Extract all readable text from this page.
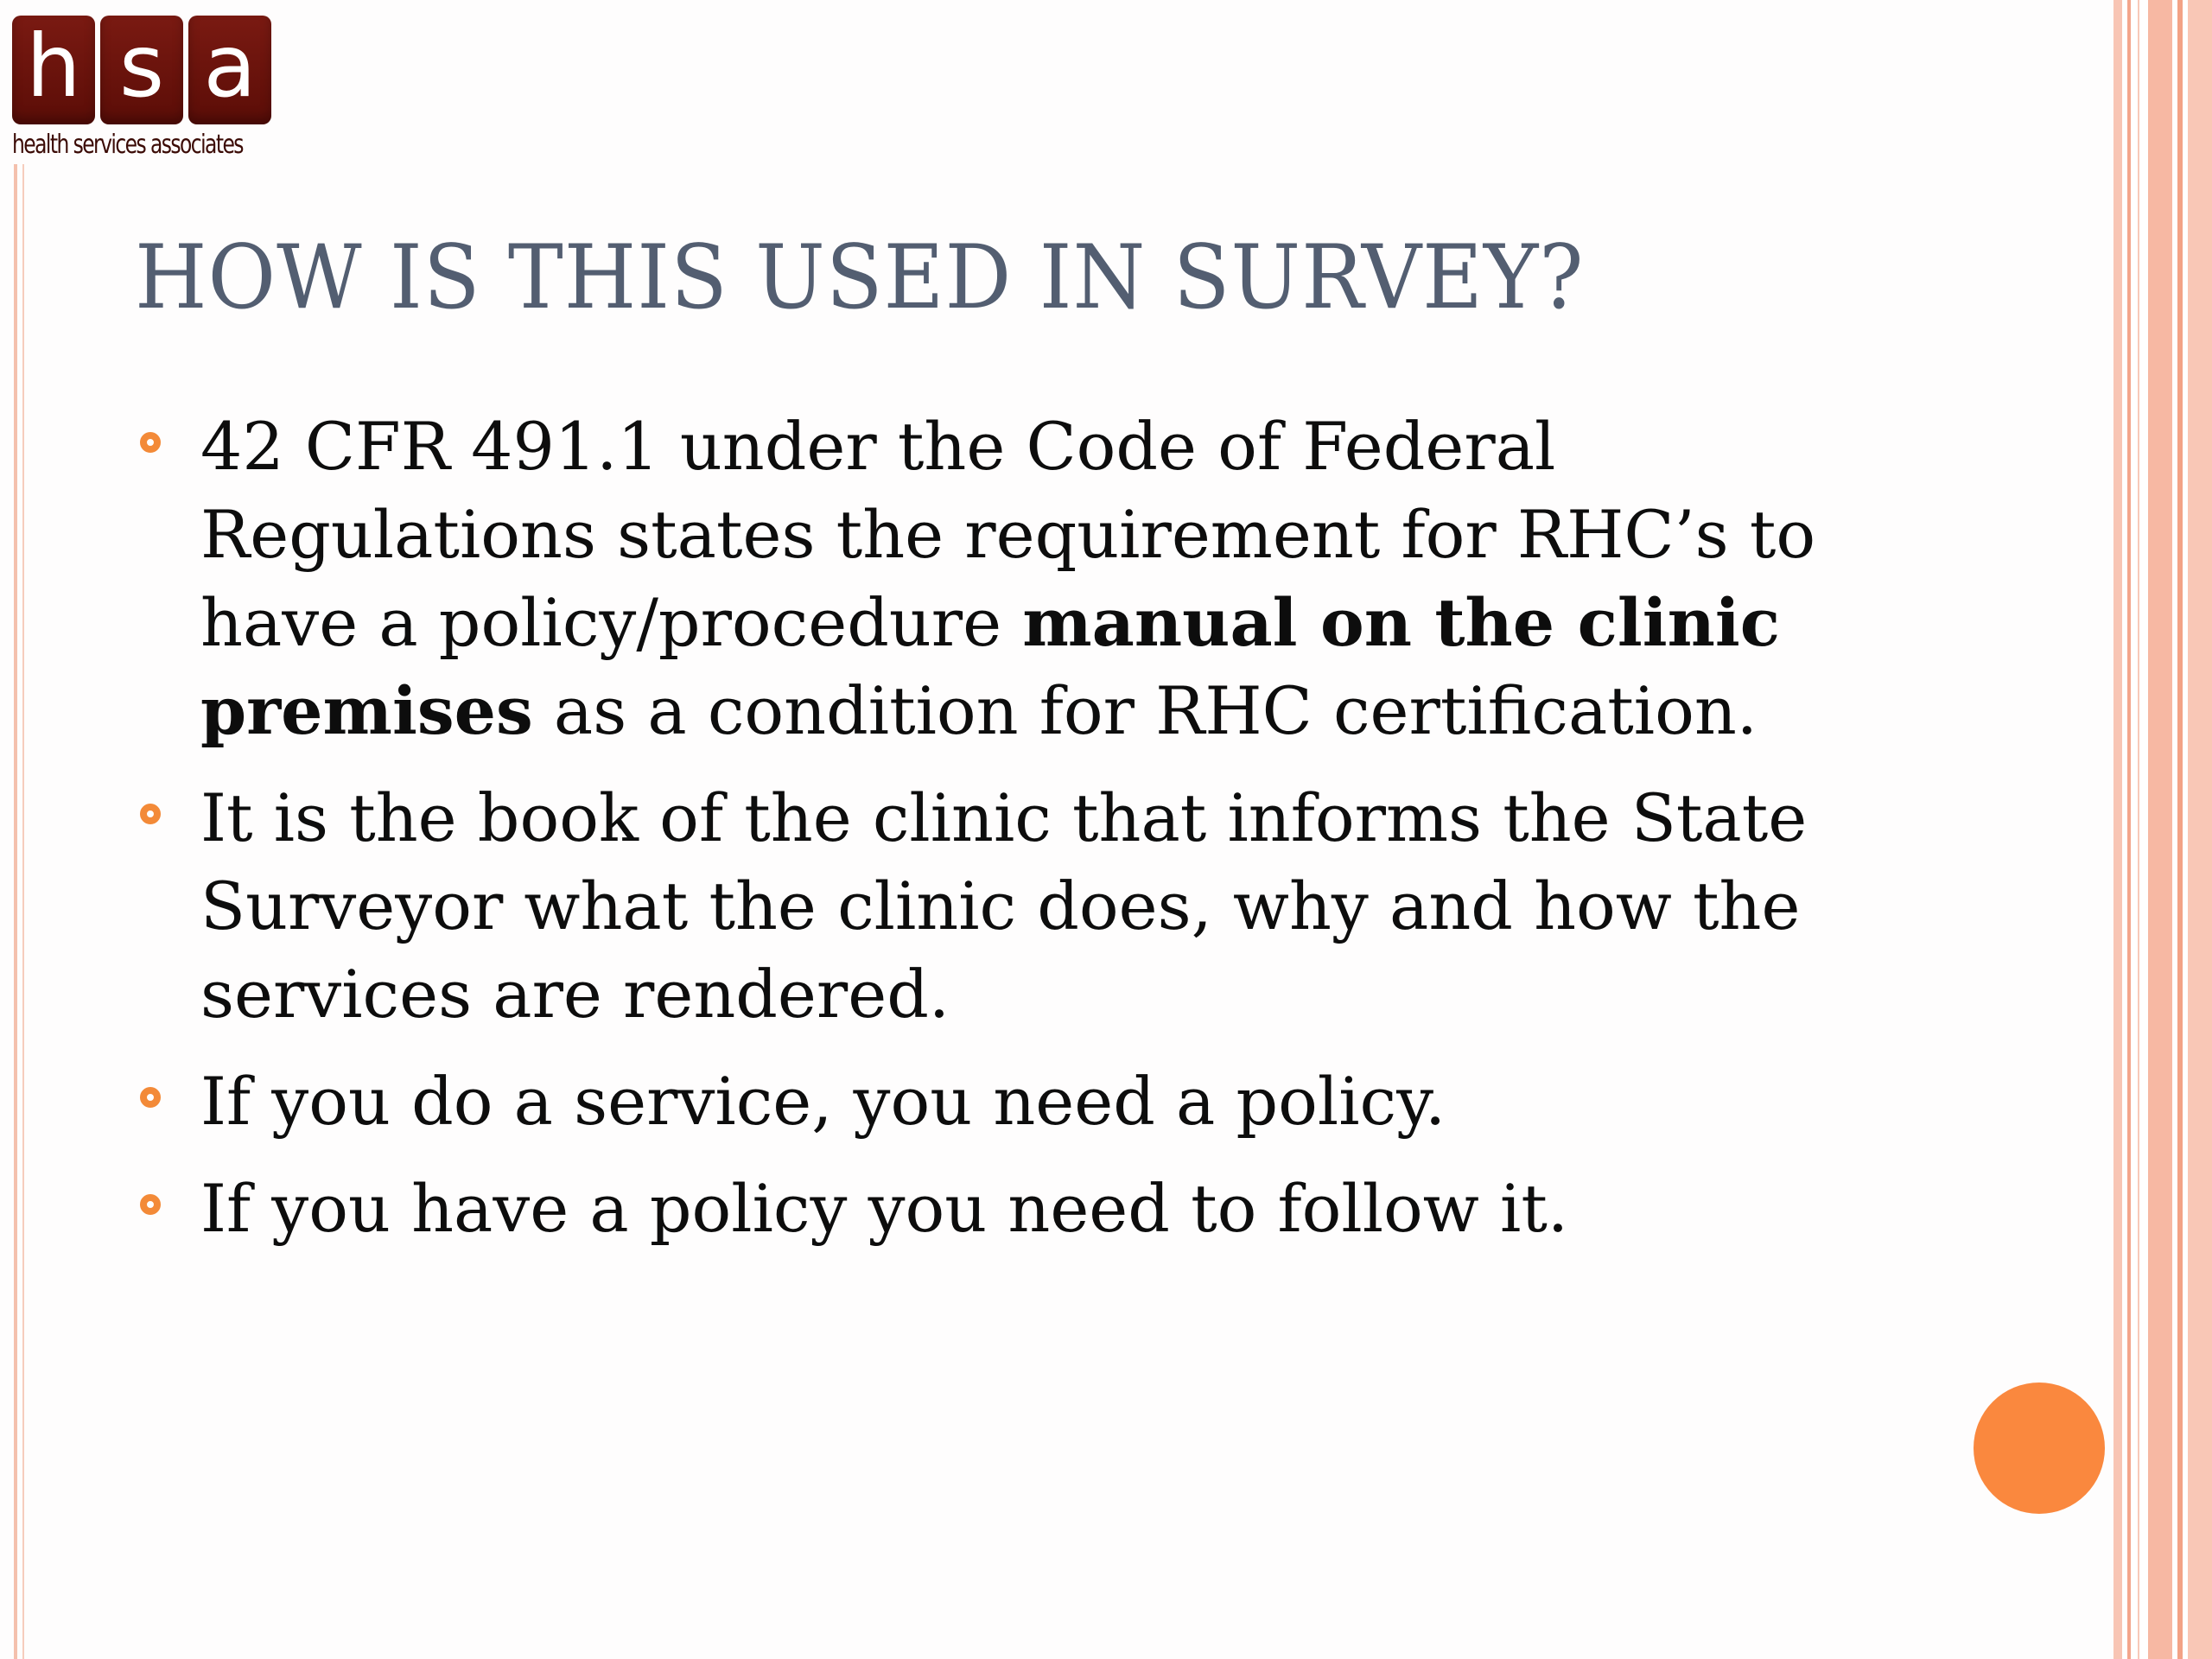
h s a
health services associates
HOW IS THIS USED IN SURVEY?
42 CFR 491.1 under the Code of Federal Regulations states the requirement for RHC’s to have a policy/procedure manual on the clinic premises as a condition for RHC certification.
It is the book of the clinic that informs the State Surveyor what the clinic does, why and how the services are rendered.
If you do a service, you need a policy.
If you have a policy you need to follow it.
